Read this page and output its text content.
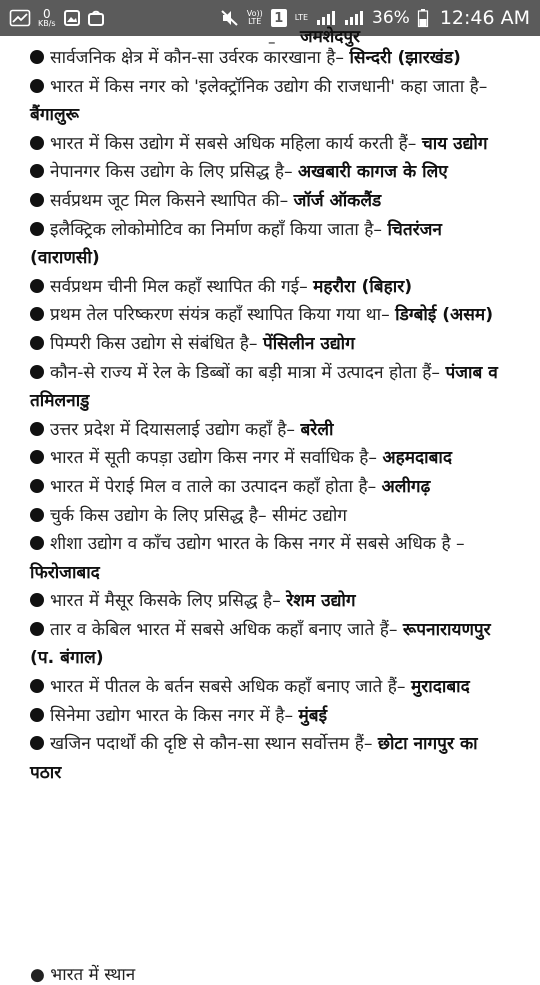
0
KB/s
Vo))
LTE 1	LTE	36% 12:46 AM
– जमशेदपुर

सार्वजनिक क्षेत्र में कौन-सा उर्वरक कारखाना है– सिन्दरी (झारखंड)

भारत में किस नगर को 'इलेक्ट्रॉनिक उद्योग की राजधानी' कहा जाता है– बैंगालुरू

भारत में किस उद्योग में सबसे अधिक महिला कार्य करती हैं– चाय उद्योग

नेपानगर किस उद्योग के लिए प्रसिद्ध है– अखबारी कागज के लिए

सर्वप्रथम जूट मिल किसने स्थापित की– जॉर्ज ऑकलैंड

इलैक्ट्रिक लोकोमोटिव का निर्माण कहाँ किया जाता है– चितरंजन (वाराणसी)

सर्वप्रथम चीनी मिल कहाँ स्थापित की गई– महरौरा (बिहार)

प्रथम तेल परिष्करण संयंत्र कहाँ स्थापित किया गया था– डिग्बोई (असम)

पिम्परी किस उद्योग से संबंधित है– पेंसिलीन उद्योग

कौन-से राज्य में रेल के डिब्बों का बड़ी मात्रा में उत्पादन होता हैं– पंजाब व तमिलनाडु

उत्तर प्रदेश में दियासलाई उद्योग कहाँ है– बरेली

भारत में सूती कपड़ा उद्योग किस नगर में सर्वाधिक है– अहमदाबाद

भारत में पेराई मिल व ताले का उत्पादन कहाँ होता है– अलीगढ़

चुर्क किस उद्योग के लिए प्रसिद्ध है– सीमंट उद्योग

शीशा उद्योग व काँच उद्योग भारत के किस नगर में सबसे अधिक है – फिरोजाबाद

भारत में मैसूर किसके लिए प्रसिद्ध है– रेशम उद्योग

तार व केबिल भारत में सबसे अधिक कहाँ बनाए जाते हैं– रूपनारायणपुर (प. बंगाल)

भारत में पीतल के बर्तन सबसे अधिक कहाँ बनाए जाते हैं– मुरादाबाद

सिनेमा उद्योग भारत के किस नगर में है– मुंबई

खजिन पदार्थों की दृष्टि से कौन-सा स्थान सर्वोत्तम हैं– छोटा नागपुर का पठार

● भारत में स्थान
